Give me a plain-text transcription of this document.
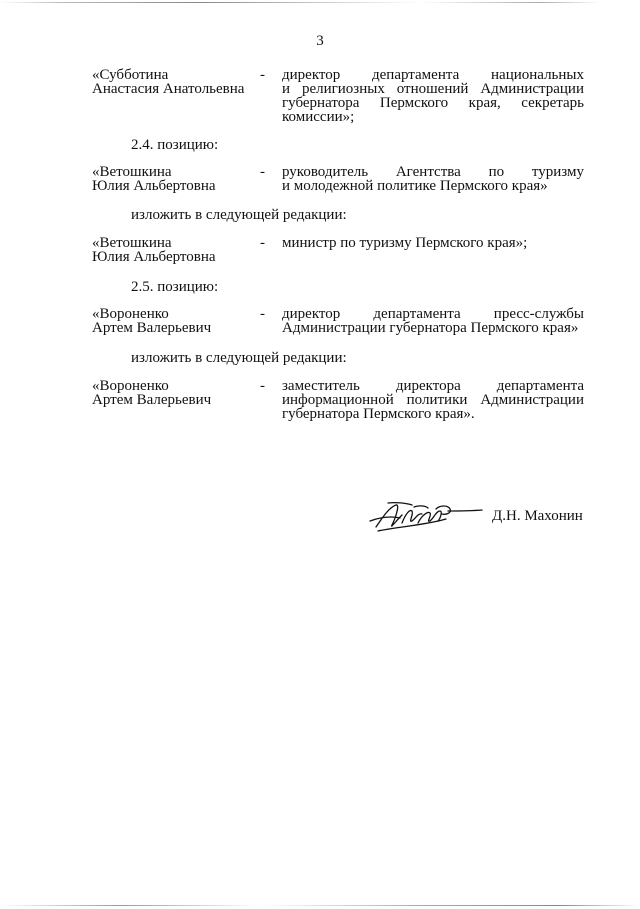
3
«Субботина
Анастасия Анатольевна
- директор департамента национальных
и религиозных отношений Администрации
губернатора Пермского края, секретарь
комиссии»;
2.4. позицию:
«Ветошкина
Юлия Альбертовна
- руководитель Агентства по туризму
и молодежной политике Пермского края»
изложить в следующей редакции:
«Ветошкина
Юлия Альбертовна
- министр по туризму Пермского края»;
2.5. позицию:
«Вороненко
Артем Валерьевич
- директор департамента пресс-службы
Администрации губернатора Пермского края»
изложить в следующей редакции:
«Вороненко
Артем Валерьевич
- заместитель директора департамента
информационной политики Администрации
губернатора Пермского края».
Д.Н. Махонин
